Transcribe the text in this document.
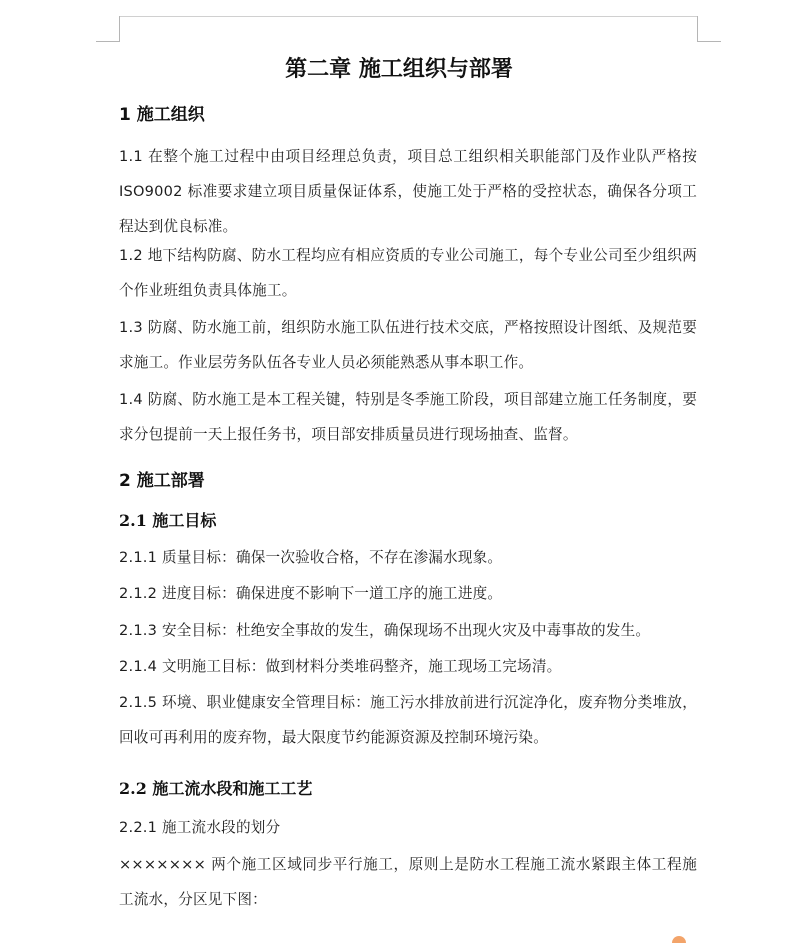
第二章 施工组织与部署
1 施工组织
1.1 在整个施工过程中由项目经理总负责，项目总工组织相关职能部门及作业队严格按 ISO9002 标准要求建立项目质量保证体系，使施工处于严格的受控状态，确保各分项工程达到优良标准。
1.2 地下结构防腐、防水工程均应有相应资质的专业公司施工，每个专业公司至少组织两个作业班组负责具体施工。
1.3 防腐、防水施工前，组织防水施工队伍进行技术交底，严格按照设计图纸、及规范要求施工。作业层劳务队伍各专业人员必须能熟悉从事本职工作。
1.4 防腐、防水施工是本工程关键，特别是冬季施工阶段，项目部建立施工任务制度，要求分包提前一天上报任务书，项目部安排质量员进行现场抽查、监督。
2 施工部署
2.1 施工目标
2.1.1 质量目标：确保一次验收合格，不存在渗漏水现象。
2.1.2 进度目标：确保进度不影响下一道工序的施工进度。
2.1.3 安全目标：杜绝安全事故的发生，确保现场不出现火灾及中毒事故的发生。
2.1.4 文明施工目标：做到材料分类堆码整齐，施工现场工完场清。
2.1.5 环境、职业健康安全管理目标：施工污水排放前进行沉淀净化，废弃物分类堆放，回收可再利用的废弃物，最大限度节约能源资源及控制环境污染。
2.2 施工流水段和施工工艺
2.2.1 施工流水段的划分
××××××× 两个施工区域同步平行施工，原则上是防水工程施工流水紧跟主体工程施工流水，分区见下图：
